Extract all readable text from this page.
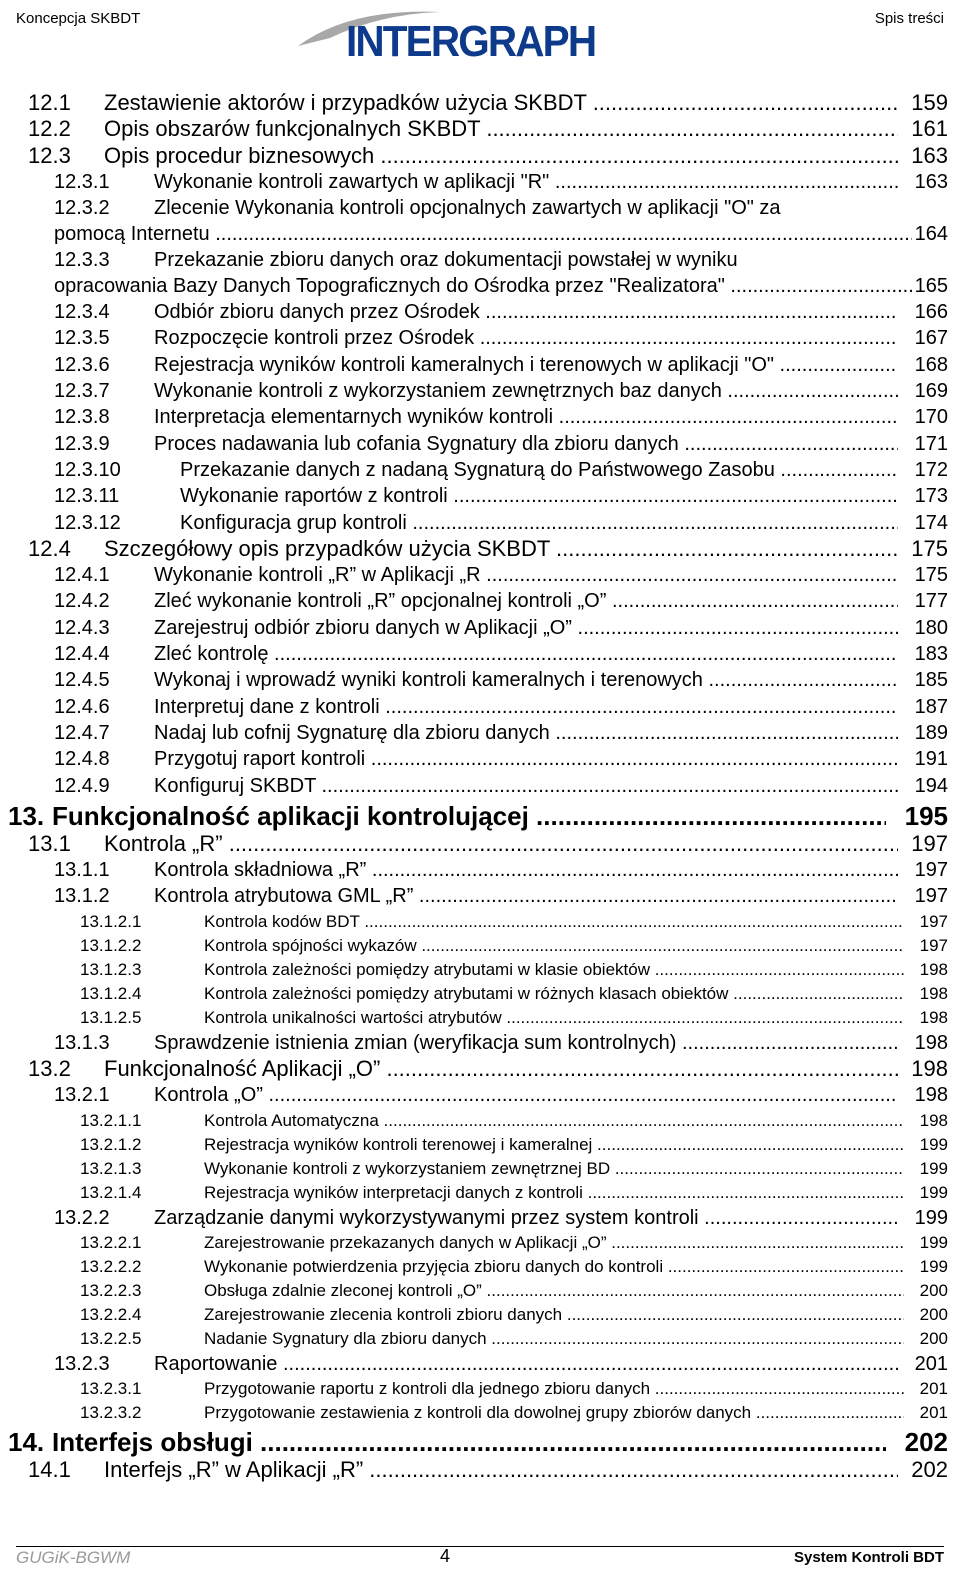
Koncepcja SKBDT	INTERGRAPH	Spis treści
12.1 Zestawienie aktorów i przypadków użycia SKBDT .....	159
12.2 Opis obszarów funkcjonalnych SKBDT .....	161
12.3 Opis procedur biznesowych .....	163
12.3.1 Wykonanie kontroli zawartych w aplikacji "R" .....	163
12.3.2 Zlecenie Wykonania kontroli opcjonalnych zawartych w aplikacji "O" za
pomocą Internetu .....	164
12.3.3 Przekazanie zbioru danych oraz dokumentacji powstałej w wyniku
opracowania Bazy Danych Topograficznych do Ośrodka przez "Realizatora" .....	165
12.3.4 Odbiór zbioru danych przez Ośrodek .....	166
12.3.5 Rozpoczęcie kontroli przez Ośrodek .....	167
12.3.6 Rejestracja wyników kontroli kameralnych i terenowych w aplikacji "O" .....	168
12.3.7 Wykonanie kontroli z wykorzystaniem zewnętrznych baz danych .....	169
12.3.8 Interpretacja elementarnych wyników kontroli .....	170
12.3.9 Proces nadawania lub cofania Sygnatury dla zbioru danych .....	171
12.3.10	Przekazanie danych z nadaną Sygnaturą do Państwowego Zasobu .....	172
12.3.11	Wykonanie raportów z kontroli .....	173
12.3.12	Konfiguracja grup kontroli .....	174
12.4 Szczegółowy opis przypadków użycia SKBDT .....	175
12.4.1 Wykonanie kontroli „R” w Aplikacji „R .....	175
12.4.2 Zleć wykonanie kontroli „R” opcjonalnej kontroli „O” .....	177
12.4.3 Zarejestruj odbiór zbioru danych w Aplikacji „O” .....	180
12.4.4 Zleć kontrolę .....	183
12.4.5 Wykonaj i wprowadź wyniki kontroli kameralnych i terenowych .....	185
12.4.6 Interpretuj dane z kontroli .....	187
12.4.7 Nadaj lub cofnij Sygnaturę dla zbioru danych .....	189
12.4.8 Przygotuj raport kontroli .....	191
12.4.9 Konfiguruj SKBDT .....	194
13. Funkcjonalność aplikacji kontrolującej .....	195
13.1 Kontrola „R” .....	197
13.1.1 Kontrola składniowa „R” .....	197
13.1.2 Kontrola atrybutowa GML „R” .....	197
13.1.2.1	Kontrola kodów BDT .....	197
13.1.2.2	Kontrola spójności wykazów .....	197
13.1.2.3	Kontrola zależności pomiędzy atrybutami w klasie obiektów .....	198
13.1.2.4	Kontrola zależności pomiędzy atrybutami w różnych klasach obiektów .....	198
13.1.2.5	Kontrola unikalności wartości atrybutów .....	198
13.1.3 Sprawdzenie istnienia zmian (weryfikacja sum kontrolnych) .....	198
13.2 Funkcjonalność Aplikacji „O” .....	198
13.2.1 Kontrola „O” .....	198
13.2.1.1	Kontrola Automatyczna .....	198
13.2.1.2	Rejestracja wyników kontroli terenowej i kameralnej .....	199
13.2.1.3	Wykonanie kontroli z wykorzystaniem zewnętrznej BD .....	199
13.2.1.4	Rejestracja wyników interpretacji danych z kontroli .....	199
13.2.2 Zarządzanie danymi wykorzystywanymi przez system kontroli .....	199
13.2.2.1	Zarejestrowanie przekazanych danych w Aplikacji „O” .....	199
13.2.2.2	Wykonanie potwierdzenia przyjęcia zbioru danych do kontroli .....	199
13.2.2.3	Obsługa zdalnie zleconej kontroli „O” .....	200
13.2.2.4	Zarejestrowanie zlecenia kontroli zbioru danych .....	200
13.2.2.5	Nadanie Sygnatury dla zbioru danych .....	200
13.2.3 Raportowanie .....	201
13.2.3.1	Przygotowanie raportu z kontroli dla jednego zbioru danych .....	201
13.2.3.2	Przygotowanie zestawienia z kontroli dla dowolnej grupy zbiorów danych .....	201
14. Interfejs obsługi .....	202
14.1 Interfejs „R” w Aplikacji „R” .....	202
GUGiK-BGWM	4	System Kontroli BDT
